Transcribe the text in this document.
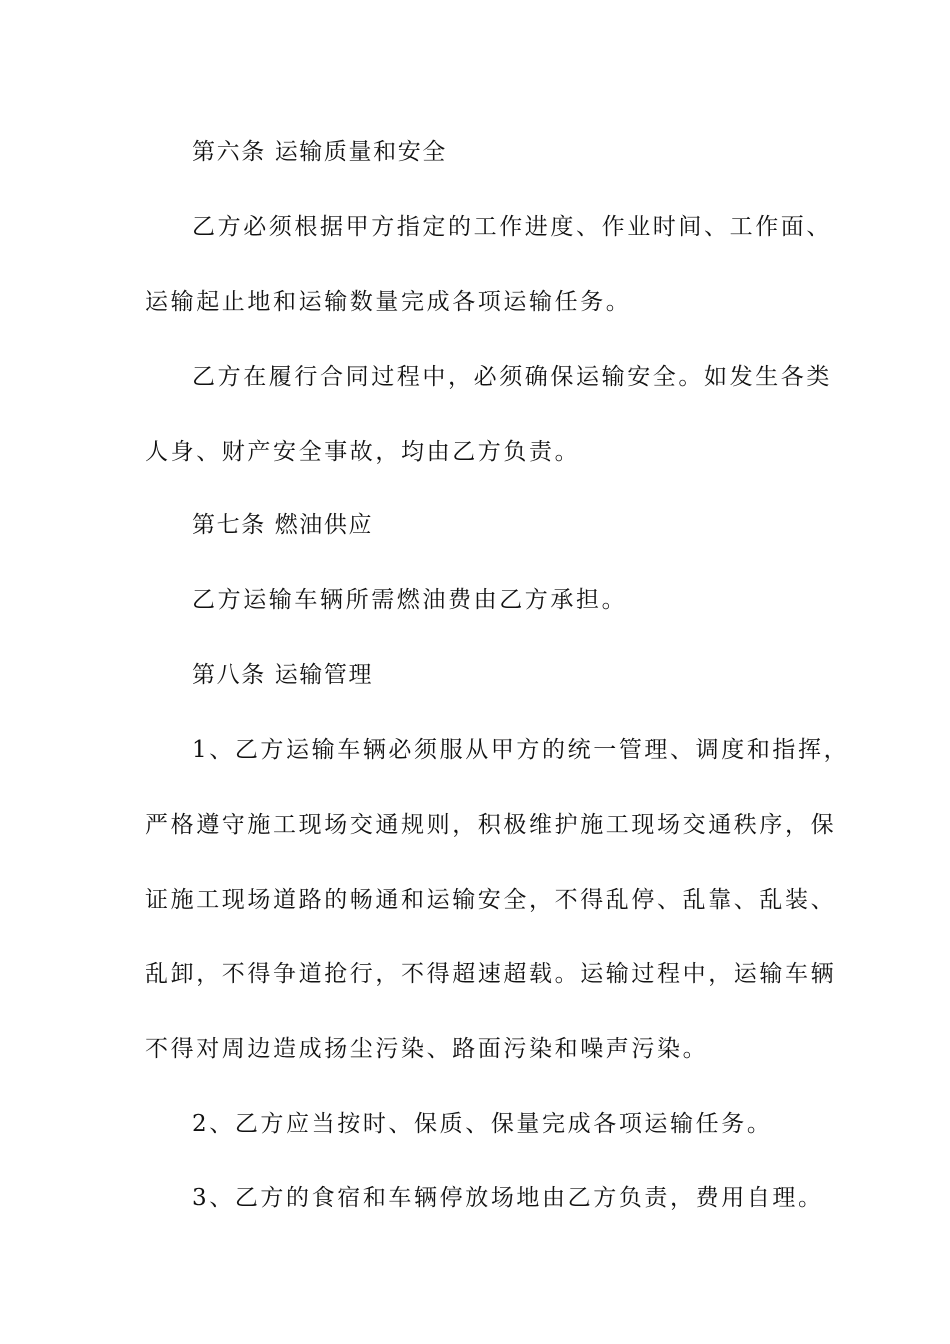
第六条 运输质量和安全
乙方必须根据甲方指定的工作进度、作业时间、工作面、
运输起止地和运输数量完成各项运输任务。
乙方在履行合同过程中，必须确保运输安全。如发生各类
人身、财产安全事故，均由乙方负责。
第七条 燃油供应
乙方运输车辆所需燃油费由乙方承担。
第八条 运输管理
1、乙方运输车辆必须服从甲方的统一管理、调度和指挥，
严格遵守施工现场交通规则，积极维护施工现场交通秩序，保
证施工现场道路的畅通和运输安全，不得乱停、乱靠、乱装、
乱卸，不得争道抢行，不得超速超载。运输过程中，运输车辆
不得对周边造成扬尘污染、路面污染和噪声污染。
2、乙方应当按时、保质、保量完成各项运输任务。
3、乙方的食宿和车辆停放场地由乙方负责，费用自理。
